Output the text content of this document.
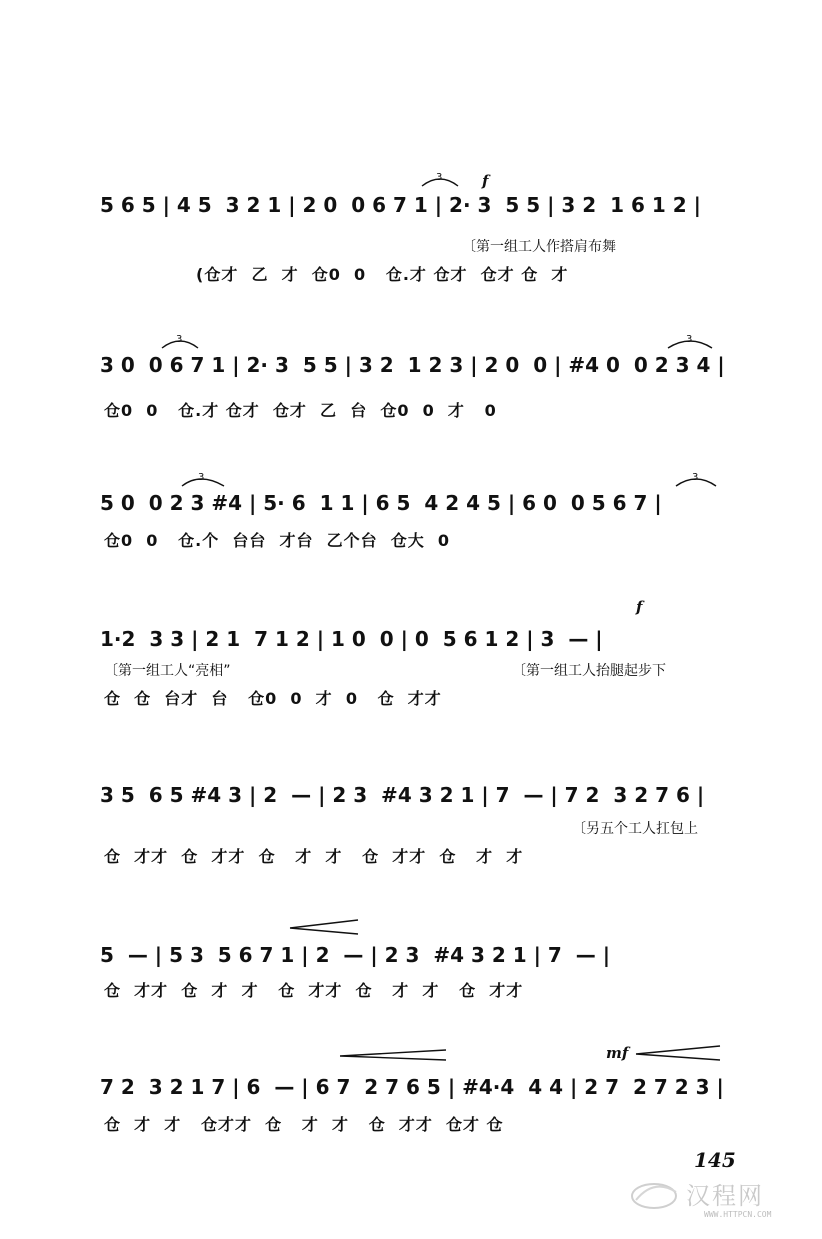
5 6 5 | 4 5  3 2 1 | 2 0  0 6 7 1 | 2· 3  5 5 | 3 2  1 6 1 2 |
f
〔第一组工人作搭肩布舞
(仓才  乙  才  仓0  0   仓.才 仓才  仓才 仓  才
3 0  0 6 7 1 | 2· 3  5 5 | 3 2  1 2 3 | 2 0  0 | #4 0  0 2 3 4 |
仓0  0   仓.才 仓才  仓才  乙  台  仓0  0  才   0
5 0  0 2 3 #4 | 5· 6  1 1 | 6 5  4 2 4 5 | 6 0  0 5 6 7 |
仓0  0   仓.个  台台  才台  乙个台  仓大  0
1·2  3 3 | 2 1  7 1 2 | 1 0  0 | 0  5 6 1 2 | 3  — |
f
〔第一组工人“亮相”	〔第一组工人抬腿起步下
仓  仓  台才  台   仓0  0  才  0   仓  才才
3 5  6 5 #4 3 | 2  — | 2 3  #4 3 2 1 | 7  — | 7 2  3 2 7 6 |
〔另五个工人扛包上
仓  才才  仓  才才  仓   才  才   仓  才才  仓   才  才
5  — | 5 3  5 6 7 1 | 2  — | 2 3  #4 3 2 1 | 7  — |
仓  才才  仓  才  才   仓  才才  仓   才  才   仓  才才
7 2  3 2 1 7 | 6  — | 6 7  2 7 6 5 | #4·4  4 4 | 2 7  2 7 2 3 |
mf
仓  才  才   仓才才  仓   才  才   仓  才才  仓才 仓
3
3	3
3	3
145
汉程网
WWW.HTTPCN.COM
